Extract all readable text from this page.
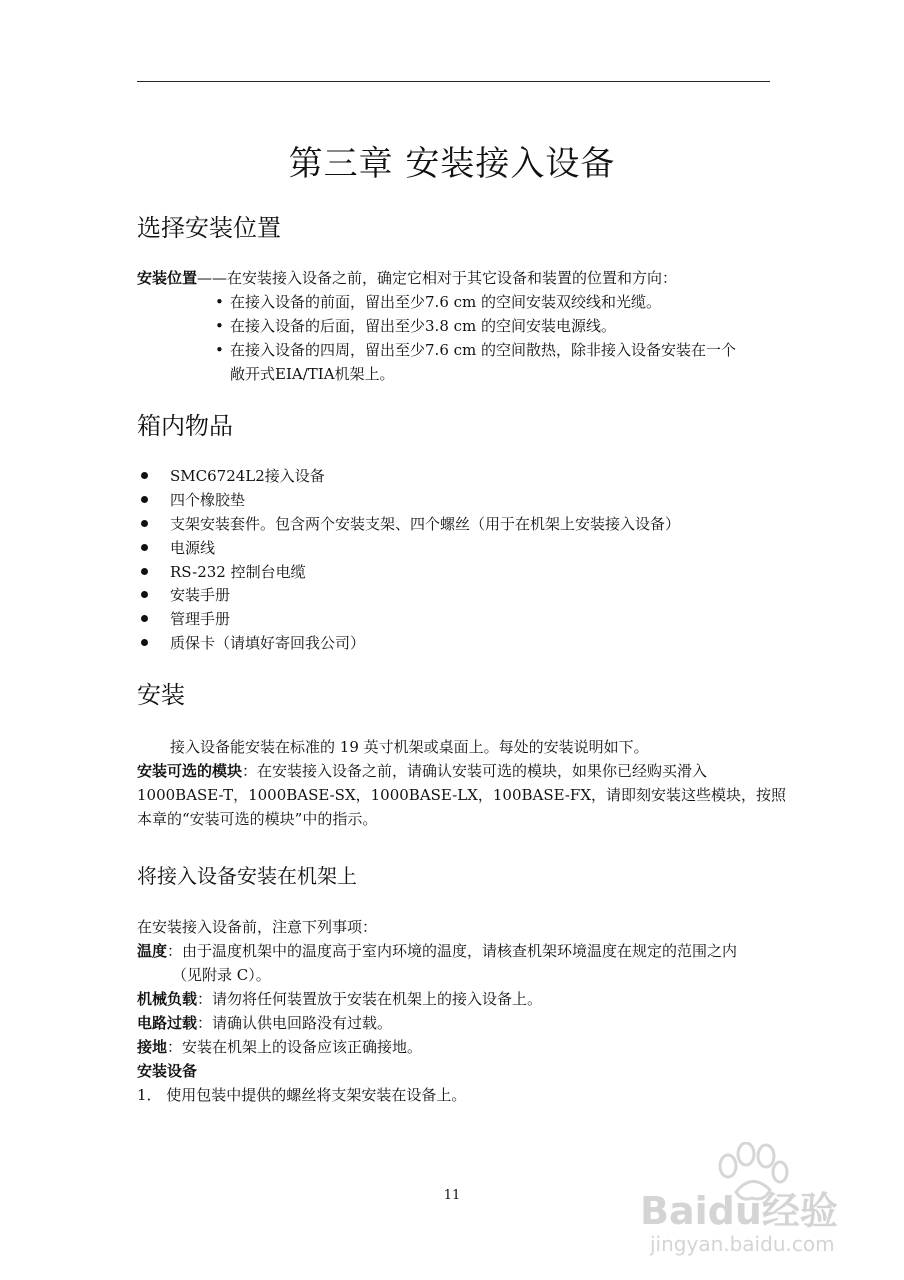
第三章 安装接入设备
选择安装位置
安装位置——在安装接入设备之前，确定它相对于其它设备和装置的位置和方向：
• 在接入设备的前面，留出至少7.6 cm 的空间安装双绞线和光缆。
• 在接入设备的后面，留出至少3.8 cm 的空间安装电源线。
• 在接入设备的四周，留出至少7.6 cm 的空间散热，除非接入设备安装在一个
敞开式EIA/TIA机架上。
箱内物品
SMC6724L2接入设备
四个橡胶垫
支架安装套件。包含两个安装支架、四个螺丝（用于在机架上安装接入设备）
电源线
RS-232 控制台电缆
安装手册
管理手册
质保卡（请填好寄回我公司）
安装
接入设备能安装在标准的 19 英寸机架或桌面上。每处的安装说明如下。
安装可选的模块：在安装接入设备之前，请确认安装可选的模块，如果你已经购买滑入
1000BASE-T，1000BASE-SX，1000BASE-LX，100BASE-FX，请即刻安装这些模块，按照
本章的“安装可选的模块”中的指示。
将接入设备安装在机架上
在安装接入设备前，注意下列事项：
温度：由于温度机架中的温度高于室内环境的温度，请核查机架环境温度在规定的范围之内
（见附录 C）。
机械负载：请勿将任何装置放于安装在机架上的接入设备上。
电路过载：请确认供电回路没有过载。
接地：安装在机架上的设备应该正确接地。
安装设备
1． 使用包装中提供的螺丝将支架安装在设备上。
11	Baidu经验
jingyan.baidu.com
